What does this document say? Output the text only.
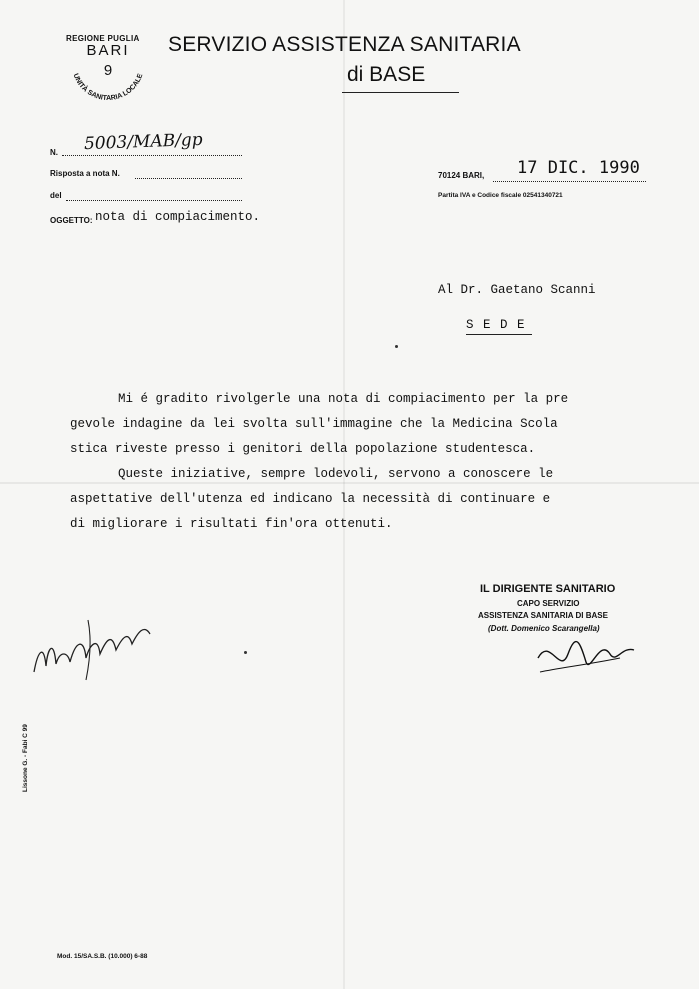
REGIONE PUGLIA
BARI
9
UNITÀ SANITARIA LOCALE
SERVIZIO ASSISTENZA SANITARIA
di BASE
N. 5003/MAB/gp
Risposta a nota N.
del
OGGETTO: nota di compiacimento.
70124 BARI, 17 DIC. 1990
Partita IVA e Codice fiscale 02541340721
Al Dr. Gaetano Scanni
S E D E
Mi é gradito rivolgerle una nota di compiacimento per la pre
gevole indagine da lei svolta sull'immagine che la Medicina Scola
stica riveste presso i genitori della popolazione studentesca.
Queste iniziative, sempre lodevoli, servono a conoscere le
aspettative dell'utenza ed indicano la necessità di continuare e
di migliorare i risultati fin'ora ottenuti.
IL DIRIGENTE SANITARIO
CAPO SERVIZIO
ASSISTENZA SANITARIA DI BASE
(Dott. Domenico Scarangella)
Lissone G. - Fabi C 99
Mod. 15/SA.S.B. (10.000) 6-88
